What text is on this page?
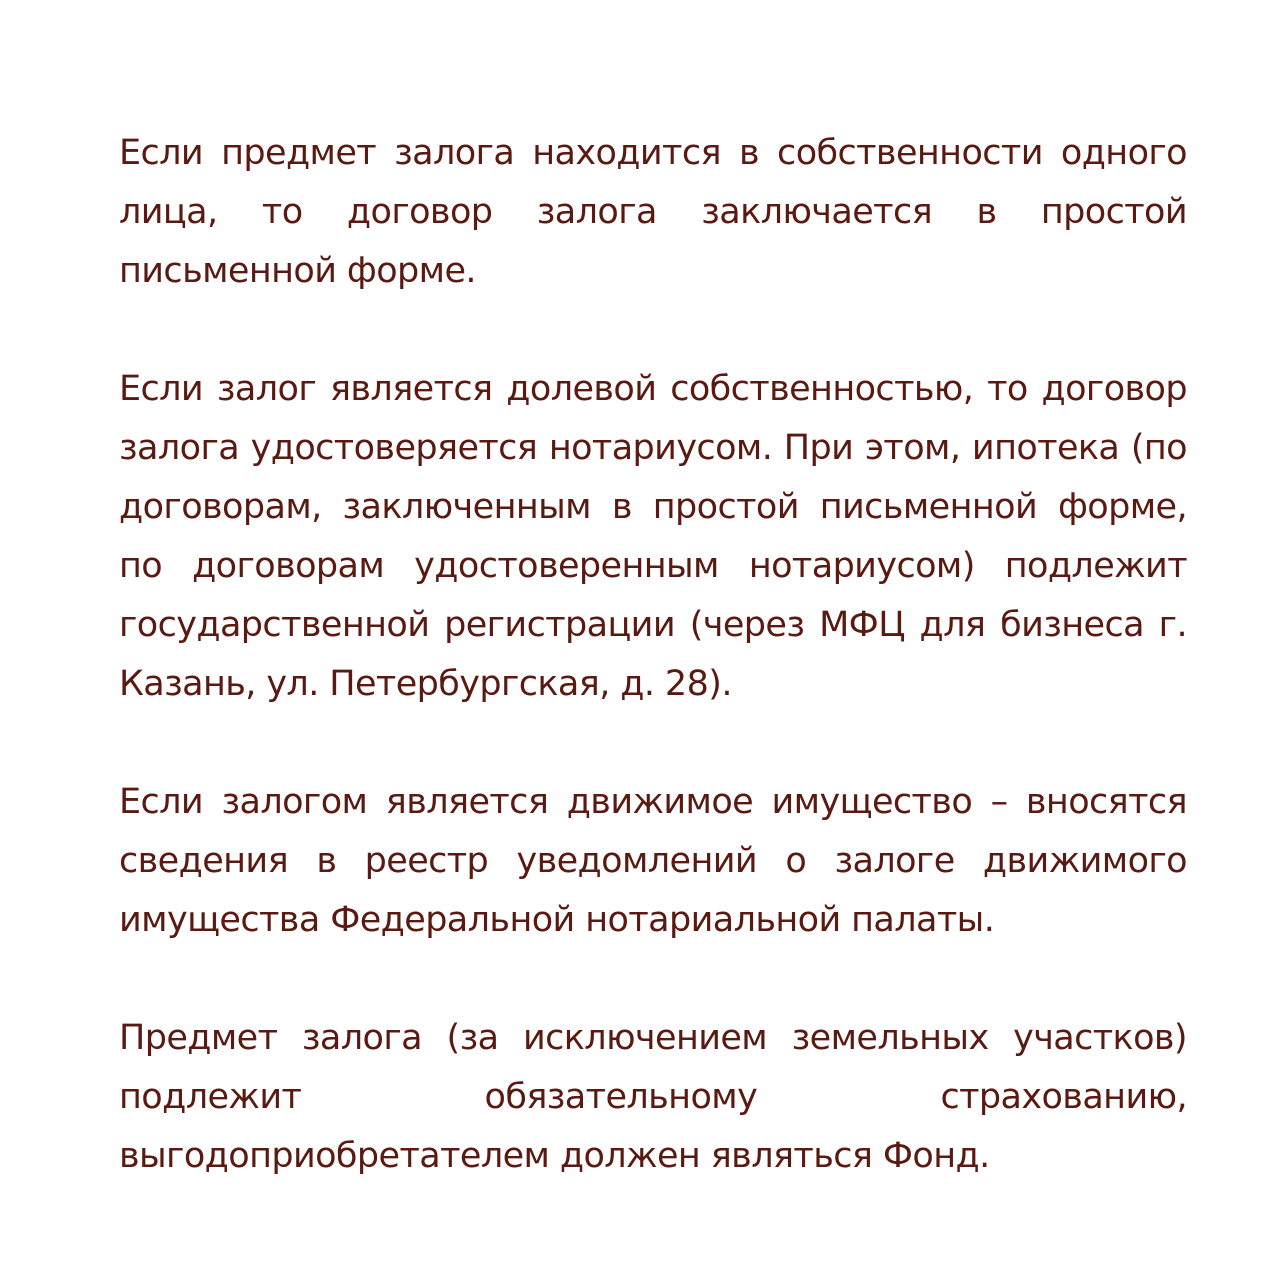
Если предмет залога находится в собственности одного лица, то договор залога заключается в простой письменной форме.

Если залог является долевой собственностью, то договор залога удостоверяется нотариусом. При этом, ипотека (по договорам, заключенным в простой письменной форме, по договорам удостоверенным нотариусом) подлежит государственной регистрации (через МФЦ для бизнеса г. Казань, ул. Петербургская, д. 28).

Если залогом является движимое имущество – вносятся сведения в реестр уведомлений о залоге движимого имущества Федеральной нотариальной палаты.

Предмет залога (за исключением земельных участков) подлежит обязательному страхованию, выгодоприобретателем должен являться Фонд.
